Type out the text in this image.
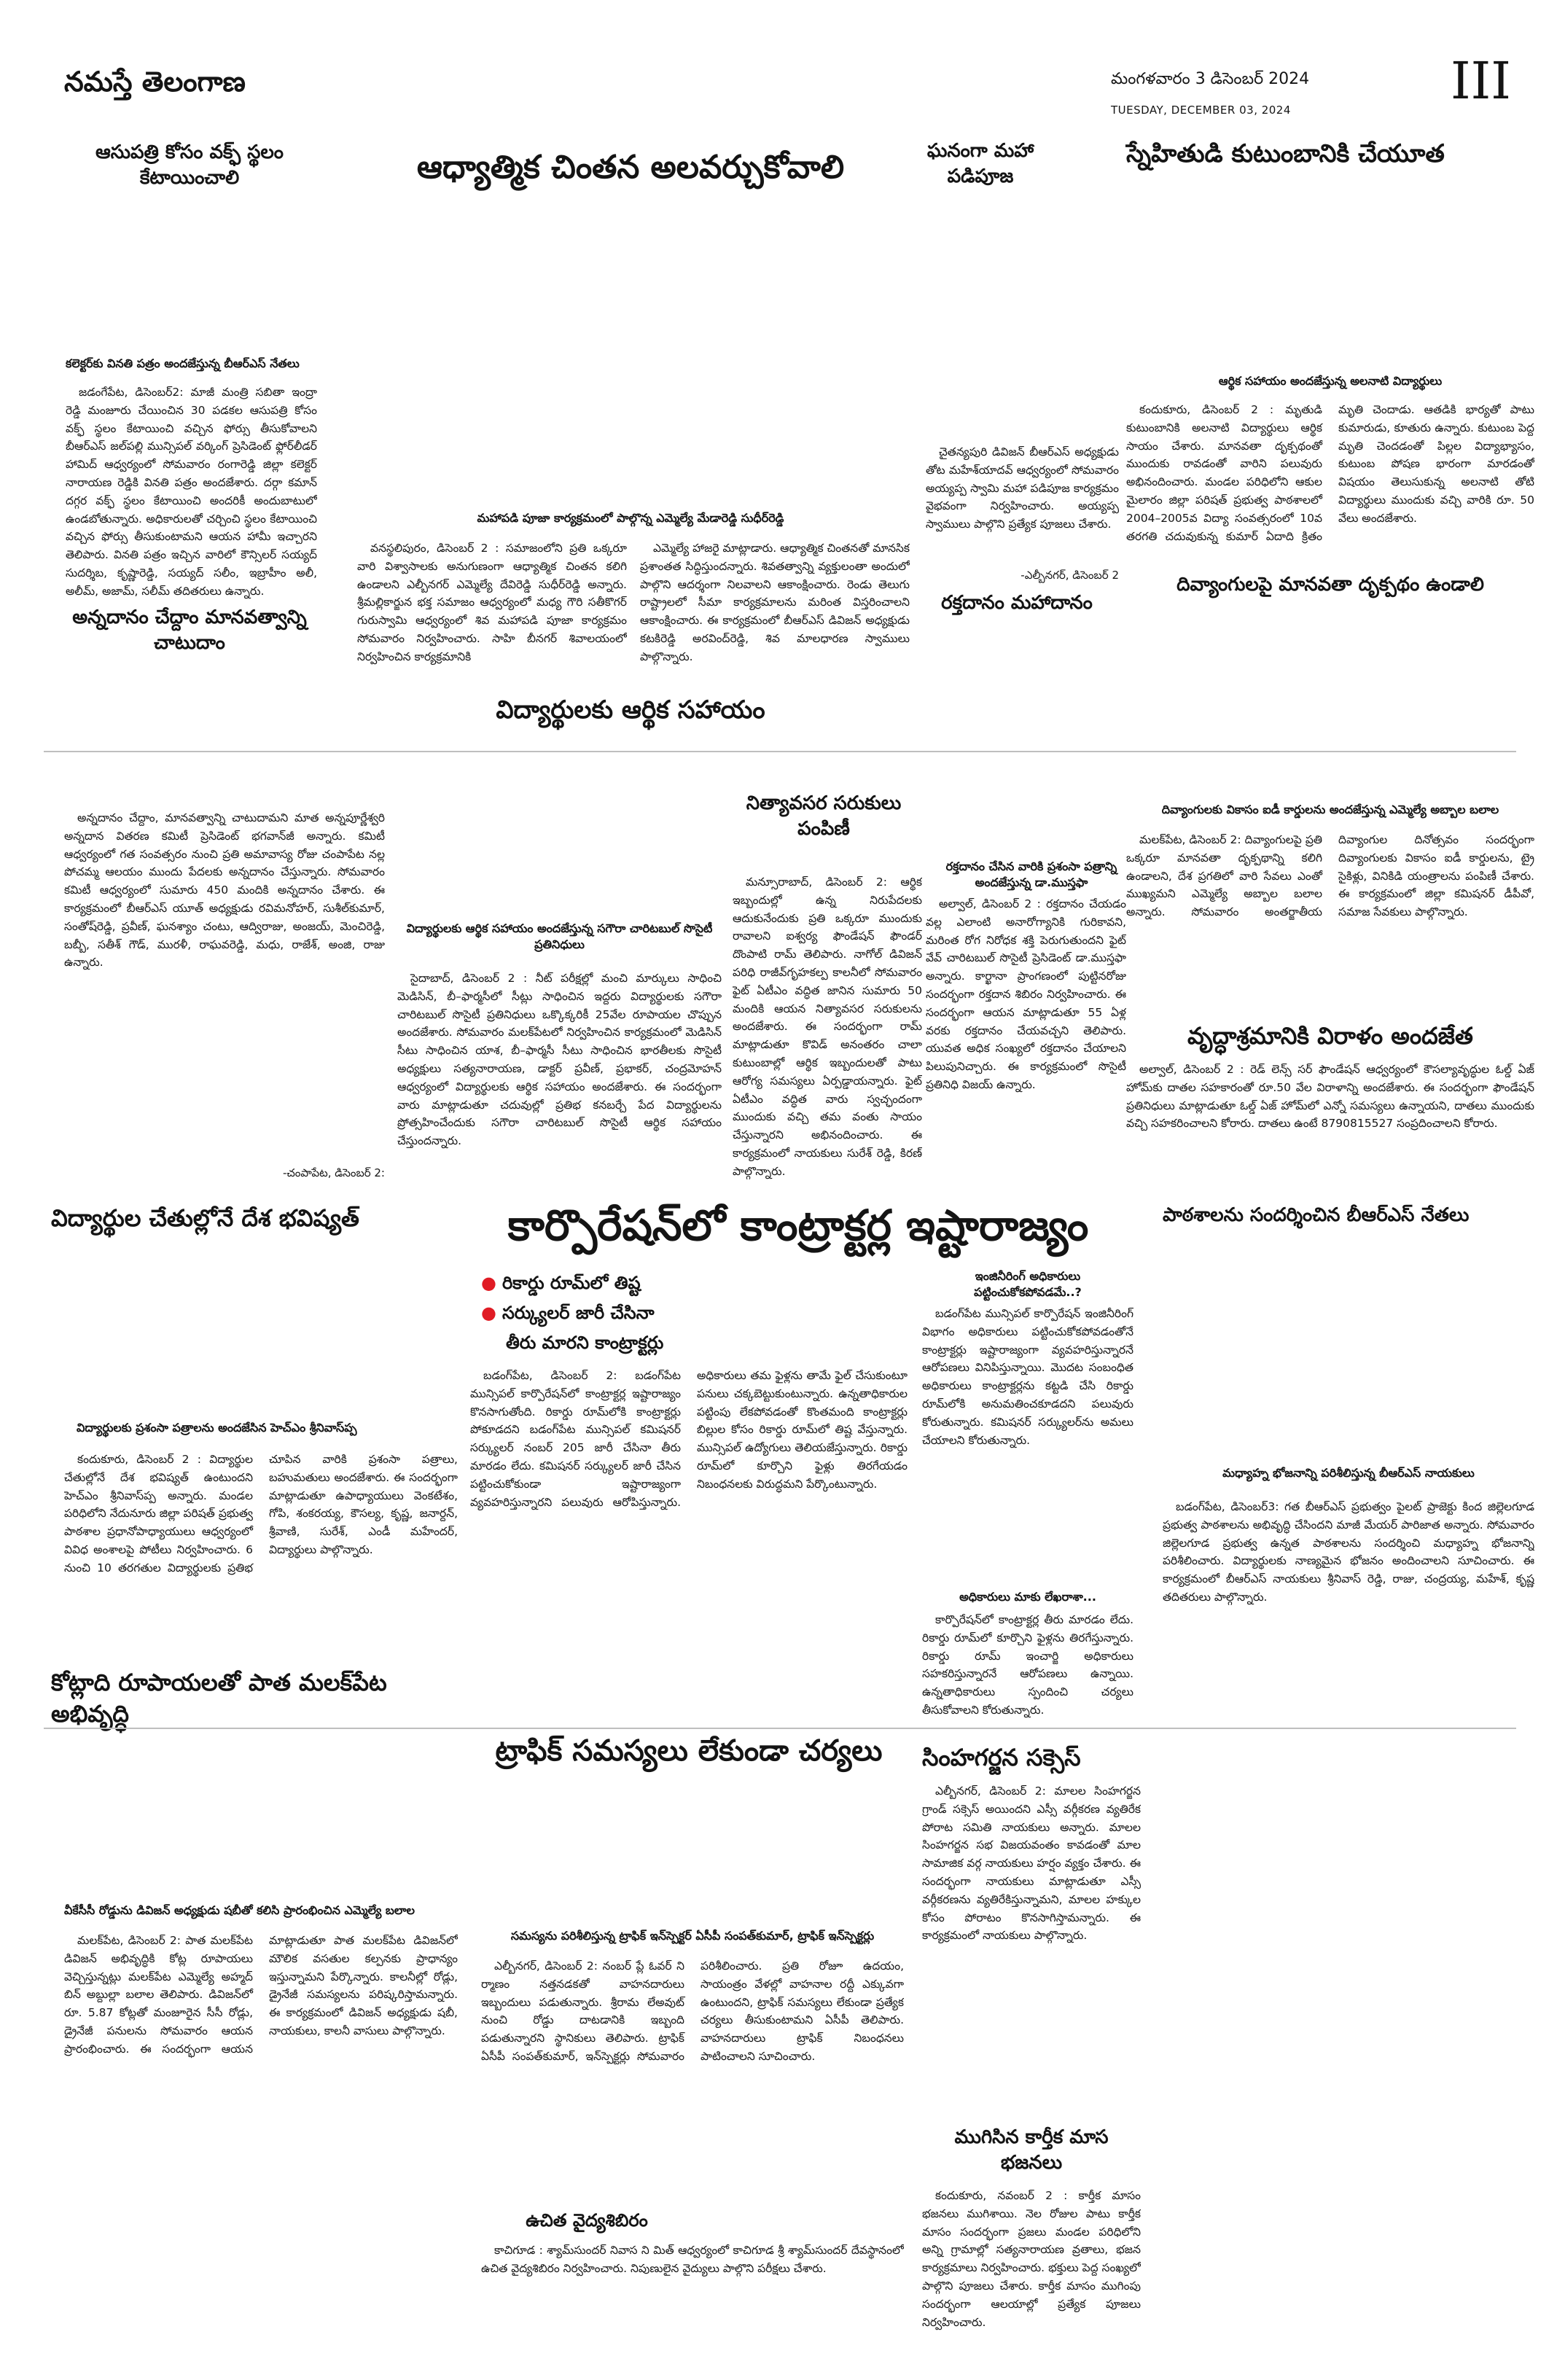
నమస్తే తెలంగాణ	మంగళవారం 3 డిసెంబర్ 2024
TUESDAY, DECEMBER 03, 2024	III
ఆసుపత్రి కోసం వక్ఫ్ స్థలం కేటాయించాలి
కలెక్టర్‌కు వినతి పత్రం అందజేస్తున్న బీఆర్‌ఎస్ నేతలు

జడంగేపేట, డిసెంబర్2: మాజీ మంత్రి సబితా ఇంద్రా రెడ్డి మంజూరు చేయించిన 30 పడకల ఆసుపత్రి కోసం వక్ఫ్ స్థలం కేటాయించి వచ్చిన ఫోర్సు తీసుకోవాలని బీఆర్‌ఎస్ జల్‌పల్లి మున్సిపల్ వర్కింగ్ ప్రెసిడెంట్ ఫ్లోర్‌లీడర్ హామిద్ ఆధ్వర్యంలో సోమవారం రంగారెడ్డి జిల్లా కలెక్టర్ నారాయణ రెడ్డికి వినతి పత్రం అందజేశారు. దర్గా కమాన్ దగ్గర వక్ఫ్ స్థలం కేటాయించి అందరికీ అందుబాటులో ఉండబోతున్నారు. అధికారులతో చర్చించి స్థలం కేటాయించి వచ్చిన ఫోర్సు తీసుకుంటామని ఆయన హామీ ఇచ్చారని తెలిపారు. వినతి పత్రం ఇచ్చిన వారిలో కౌన్సిలర్ సయ్యద్ సుదర్శిబ, కృష్ణారెడ్డి, సయ్యద్ సలీం, ఇబ్రాహీం అలీ, అలీమ్, అజామ్, సలీమ్ తదితరులు ఉన్నారు.

ఆధ్యాత్మిక చింతన అలవర్చుకోవాలి
మహాపడి పూజా కార్యక్రమంలో పాల్గొన్న ఎమ్మెల్యే మేడారెడ్డి సుధీర్‌రెడ్డి

వనస్థలిపురం, డిసెంబర్ 2 : సమాజంలోని ప్రతి ఒక్కరూ వారి విశ్వాసాలకు అనుగుణంగా ఆధ్యాత్మిక చింతన కలిగి ఉండాలని ఎల్బీనగర్ ఎమ్మెల్యే దేవిరెడ్డి సుధీర్‌రెడ్డి అన్నారు. శ్రీమల్లికార్జున భక్త సమాజం ఆధ్వర్యంలో మధ్య గౌరి సతీకొగర్ గురుస్వామి ఆధ్వర్యంలో శివ మహాపడి పూజా కార్యక్రమం సోమవారం నిర్వహించారు. సాహి బీనగర్ శివాలయంలో నిర్వహించిన కార్యక్రమానికి

ఎమ్మెల్యే హాజరై మాట్లాడారు. ఆధ్యాత్మిక చింతనతో మానసిక ప్రశాంతత సిద్ధిస్తుందన్నారు. శివతత్వాన్ని వ్యక్తులంతా అందులో పాల్గొని ఆదర్శంగా నిలవాలని ఆకాంక్షించారు. రెండు తెలుగు రాష్ట్రాలలో సీమా కార్యక్రమాలను మరింత విస్తరించాలని ఆకాంక్షించారు. ఈ కార్యక్రమంలో బీఆర్‌ఎస్ డివిజన్ అధ్యక్షుడు కటకిరెడ్డి అరవింద్‌రెడ్డి, శివ మాలధారణ స్వాములు పాల్గొన్నారు.

ఘనంగా మహా పడిపూజ

చైతన్యపురి డివిజన్ బీఆర్‌ఎస్ అధ్యక్షుడు తోట మహేశ్‌యాదవ్ ఆధ్వర్యంలో సోమవారం అయ్యప్ప స్వామి మహా పడిపూజ కార్యక్రమం వైభవంగా నిర్వహించారు. అయ్యప్ప స్వాములు పాల్గొని ప్రత్యేక పూజలు చేశారు.

-ఎల్బీనగర్, డిసెంబర్ 2
రక్తదానం మహాదానం
స్నేహితుడి కుటుంబానికి చేయూత
ఆర్థిక సహాయం అందజేస్తున్న అలనాటి విద్యార్థులు

కందుకూరు, డిసెంబర్ 2 : మృతుడి కుటుంబానికి అలనాటి విద్యార్థులు ఆర్థిక సాయం చేశారు. మానవతా దృక్పథంతో ముందుకు రావడంతో వారిని పలువురు అభినందించారు. మండల పరిధిలోని ఆకుల మైలారం జిల్లా పరిషత్ ప్రభుత్వ పాఠశాలలో 2004–2005వ విద్యా సంవత్సరంలో 10వ తరగతి చదువుకున్న కుమార్ ఏదాది క్రితం మృతి చెందాడు. ఆతడికి భార్యతో పాటు కుమారుడు, కూతురు ఉన్నారు. కుటుంబ పెద్ద మృతి చెందడంతో పిల్లల విద్యాభ్యాసం, కుటుంబ పోషణ భారంగా మారడంతో విషయం తెలుసుకున్న అలనాటి తోటి విద్యార్థులు ముందుకు వచ్చి వారికి రూ. 50 వేలు అందజేశారు.

దివ్యాంగులపై మానవతా దృక్పథం ఉండాలి
అన్నదానం చేద్దాం మానవత్వాన్ని చాటుదాం
విద్యార్థులకు ఆర్థిక సహాయం

అన్నదానం చేద్దాం, మానవత్వాన్ని చాటుదామని మాత అన్నపూర్ణేశ్వరి అన్నదాన వితరణ కమిటీ ప్రెసిడెంట్ భగవాన్‌జీ అన్నారు. కమిటీ ఆధ్వర్యంలో గత సంవత్సరం నుంచి ప్రతి అమావాస్య రోజు చంపాపేట నల్ల పోచమ్మ ఆలయం ముందు పేదలకు అన్నదానం చేస్తున్నారు. సోమవారం కమిటీ ఆధ్వర్యంలో సుమారు 450 మందికి అన్నదానం చేశారు. ఈ కార్యక్రమంలో బీఆర్‌ఎస్ యూత్ అధ్యక్షుడు రవిమనోహర్, సుశీల్‌కుమార్, సంతోష్‌రెడ్డి, ప్రవీణ్, ఘనశ్యాం చంటు, ఆద్విరాజు, అంజయ్, మెంచిరెడ్డి, బబ్బీ, సతీశ్ గౌడ్, మురళీ, రాఘవరెడ్డి, మధు, రాజేశ్, అంజి, రాజు ఉన్నారు.

-చంపాపేట, డిసెంబర్ 2:
విద్యార్థులకు ఆర్థిక సహాయం అందజేస్తున్న సగౌరా చారిటబుల్ సొసైటీ ప్రతినిధులు

సైదాబాద్, డిసెంబర్ 2 : నీట్ పరీక్షల్లో మంచి మార్కులు సాధించి మెడిసిన్, బీ–ఫార్మసీలో సీట్లు సాధించిన ఇద్దరు విద్యార్థులకు సగౌరా చారిటబుల్ సొసైటీ ప్రతినిధులు ఒక్కొక్కరికీ 25వేల రూపాయల చొప్పున అందజేశారు. సోమవారం మలక్‌పేటలో నిర్వహించిన కార్యక్రమంలో మెడిసిన్ సీటు సాధించిన యాశ, బీ–ఫార్మసీ సీటు సాధించిన భారతీలకు సొసైటీ అధ్యక్షులు సత్యనారాయణ, డాక్టర్ ప్రవీణ్, ప్రభాకర్, చంద్రమోహన్ ఆధ్వర్యంలో విద్యార్థులకు ఆర్థిక సహాయం అందజేశారు. ఈ సందర్భంగా వారు మాట్లాడుతూ చదువుల్లో ప్రతిభ కనబర్చే పేద విద్యార్థులను ప్రోత్సహించేందుకు సగౌరా చారిటబుల్ సొసైటీ ఆర్థిక సహాయం చేస్తుందన్నారు.

నిత్యావసర సరుకులు పంపిణీ

మన్సూరాబాద్, డిసెంబర్ 2: ఆర్థిక ఇబ్బందుల్లో ఉన్న నిరుపేదలకు ఆదుకునేందుకు ప్రతి ఒక్కరూ ముందుకు రావాలని ఐశ్వర్య ఫౌండేషన్ ఫౌండర్ దొంపాటి రామ్ తెలిపారు. నాగోల్ డివిజన్ పరిధి రాజీవ్‌గృహకల్ప కాలనీలో సోమవారం ఫైట్ ఏటీఎం వద్ధిత జానిన సుమారు 50 మందికి ఆయన నిత్యావసర సరుకులను అందజేశారు. ఈ సందర్భంగా రామ్ మాట్లాడుతూ కొవిడ్ అనంతరం చాలా కుటుంబాల్లో ఆర్థిక ఇబ్బందులతో పాటు ఆరోగ్య సమస్యలు ఏర్పడ్డాయన్నారు. ఫైట్ ఏటీఎం వద్ధిత వారు స్వచ్ఛందంగా ముందుకు వచ్చి తమ వంతు సాయం చేస్తున్నారని అభినందించారు. ఈ కార్యక్రమంలో నాయకులు సురేశ్ రెడ్డి, కిరణ్ పాల్గొన్నారు.

రక్తదానం చేసిన వారికి ప్రశంసా పత్రాన్ని అందజేస్తున్న డా.ముస్తఫా

అల్వాల్, డిసెంబర్ 2 : రక్తదానం చేయడం వల్ల ఎలాంటి అనారోగ్యానికి గురికావని, మరింత రోగ నిరోధక శక్తి పెరుగుతుందని ఫైట్ వేవ్ చారిటబుల్ సొసైటీ ప్రెసిడెంట్ డా.ముస్తఫా అన్నారు. కార్ఖానా ప్రాంగణంలో పుట్టినరోజు సందర్భంగా రక్తదాన శిబిరం నిర్వహించారు. ఈ సందర్భంగా ఆయన మాట్లాడుతూ 55 ఏళ్ల వరకు రక్తదానం చేయవచ్చని తెలిపారు. యువత అధిక సంఖ్యలో రక్తదానం చేయాలని పిలుపునిచ్చారు. ఈ కార్యక్రమంలో సొసైటీ ప్రతినిధి విజయ్ ఉన్నారు.

దివ్యాంగులకు వికాసం ఐడీ కార్డులను అందజేస్తున్న ఎమ్మెల్యే అబ్బాల బలాల

మలక్‌పేట, డిసెంబర్ 2: దివ్యాంగులపై ప్రతి ఒక్కరూ మానవతా దృక్పథాన్ని కలిగి ఉండాలని, దేశ ప్రగతిలో వారి సేవలు ఎంతో ముఖ్యమని ఎమ్మెల్యే అబ్బాల బలాల అన్నారు. సోమవారం అంతర్జాతీయ దివ్యాంగుల దినోత్సవం సందర్భంగా దివ్యాంగులకు వికాసం ఐడీ కార్డులను, ట్రై సైకిళ్లు, వినికిడి యంత్రాలను పంపిణీ చేశారు. ఈ కార్యక్రమంలో జిల్లా కమిషనర్ డీపీవో, సమాజ సేవకులు పాల్గొన్నారు.

వృద్ధాశ్రమానికి విరాళం అందజేత

అల్వాల్, డిసెంబర్ 2 : రెడ్‌ లెన్స్ సర్ ఫౌండేషన్ ఆధ్వర్యంలో కౌసల్యావృద్ధుల ఓల్డ్ ఏజ్ హోమ్‌కు దాతల సహకారంతో రూ.50 వేల విరాళాన్ని అందజేశారు. ఈ సందర్భంగా ఫౌండేషన్ ప్రతినిధులు మాట్లాడుతూ ఓల్డ్ ఏజ్ హోమ్‌లో ఎన్నో సమస్యలు ఉన్నాయని, దాతలు ముందుకు వచ్చి సహకరించాలని కోరారు. దాతలు ఉంటే 8790815527 సంప్రదించాలని కోరారు.

విద్యార్థుల చేతుల్లోనే దేశ భవిష్యత్	కార్పొరేషన్‌లో కాంట్రాక్టర్ల ఇష్టారాజ్యం	పాఠశాలను సందర్శించిన బీఆర్‌ఎస్ నేతలు
● రికార్డు రూమ్‌లో తిష్ట
● సర్క్యులర్ జారీ చేసినా
తీరు మారని కాంట్రాక్టర్లు
విద్యార్థులకు ప్రశంసా పత్రాలను అందజేసిన హెచ్ఎం శ్రీనివాస్‌ప్ప

కందుకూరు, డిసెంబర్ 2 : విద్యార్థుల చేతుల్లోనే దేశ భవిష్యత్ ఉంటుందని హెచ్ఎం శ్రీనివాస్‌ప్ప అన్నారు. మండల పరిధిలోని నేదునూరు జిల్లా పరిషత్ ప్రభుత్వ పాఠశాల ప్రధానోపాధ్యాయులు ఆధ్వర్యంలో వివిధ అంశాలపై పోటీలు నిర్వహించారు. 6 నుంచి 10 తరగతుల విద్యార్థులకు ప్రతిభ చూపిన వారికి ప్రశంసా పత్రాలు, బహుమతులు అందజేశారు. ఈ సందర్భంగా మాట్లాడుతూ ఉపాధ్యాయులు వెంకటేశం, గోపి, శంకరయ్య, కౌసల్య, కృష్ణ, జనార్దన్, శ్రీవాణి, సురేశ్, ఎండీ మహేందర్, విద్యార్థులు పాల్గొన్నారు.

బడంగ్‌పేట, డిసెంబర్ 2: బడంగ్‌పేట మున్సిపల్ కార్పొరేషన్‌లో కాంట్రాక్టర్ల ఇష్టారాజ్యం కొనసాగుతోంది. రికార్డు రూమ్‌లోకి కాంట్రాక్టర్లు పోకూడదని బడంగ్‌పేట మున్సిపల్ కమిషనర్ సర్క్యులర్ నంబర్ 205 జారీ చేసినా తీరు మారడం లేదు. కమిషనర్ సర్క్యులర్ జారీ చేసిన పట్టించుకోకుండా ఇష్టారాజ్యంగా వ్యవహరిస్తున్నారని పలువురు ఆరోపిస్తున్నారు. అధికారులు తమ ఫైళ్లను తామే ఫైల్ చేసుకుంటూ పనులు చక్కబెట్టుకుంటున్నారు. ఉన్నతాధికారుల పట్టింపు లేకపోవడంతో కొంతమంది కాంట్రాక్టర్లు బిల్లుల కోసం రికార్డు రూమ్‌లో తిష్ట వేస్తున్నారు. మున్సిపల్ ఉద్యోగులు తెలియజేస్తున్నారు. రికార్డు రూమ్‌లో కూర్చొని ఫైళ్లు తిరగేయడం నిబంధనలకు విరుద్ధమని పేర్కొంటున్నారు.

ఇంజినీరింగ్ అధికారులు పట్టించుకోకపోవడమే..?

బడంగ్‌పేట మున్సిపల్ కార్పొరేషన్ ఇంజినీరింగ్ విభాగం అధికారులు పట్టించుకోకపోవడంతోనే కాంట్రాక్టర్లు ఇష్టారాజ్యంగా వ్యవహరిస్తున్నారనే ఆరోపణలు వినిపిస్తున్నాయి. మొదట సంబంధిత అధికారులు కాంట్రాక్టర్లను కట్టడి చేసి రికార్డు రూమ్‌లోకి అనుమతించకూడదని పలువురు కోరుతున్నారు. కమిషనర్ సర్క్యులర్‌ను అమలు చేయాలని కోరుతున్నారు.

అధికారులు మాకు లేఖరాశా...

కార్పొరేషన్‌లో కాంట్రాక్టర్ల తీరు మారడం లేదు. రికార్డు రూమ్‌లో కూర్చొని ఫైళ్లను తిరగేస్తున్నారు. రికార్డు రూమ్ ఇంచార్జి అధికారులు సహకరిస్తున్నారనే ఆరోపణలు ఉన్నాయి. ఉన్నతాధికారులు స్పందించి చర్యలు తీసుకోవాలని కోరుతున్నారు.

మధ్యాహ్న భోజనాన్ని పరిశీలిస్తున్న బీఆర్‌ఎస్ నాయకులు

బడంగ్‌పేట, డిసెంబర్3: గత బీఆర్‌ఎస్ ప్రభుత్వం పైలట్ ప్రాజెక్టు కింద జిల్లెలగూడ ప్రభుత్వ పాఠశాలను అభివృద్ధి చేసిందని మాజీ మేయర్ పారిజాత అన్నారు. సోమవారం జిల్లెలగూడ ప్రభుత్వ ఉన్నత పాఠశాలను సందర్శించి మధ్యాహ్న భోజనాన్ని పరిశీలించారు. విద్యార్థులకు నాణ్యమైన భోజనం అందించాలని సూచించారు. ఈ కార్యక్రమంలో బీఆర్‌ఎస్ నాయకులు శ్రీనివాస్ రెడ్డి, రాజు, చంద్రయ్య, మహేశ్, కృష్ణ తదితరులు పాల్గొన్నారు.

కోట్లాది రూపాయలతో పాత మలక్‌పేట అభివృద్ధి
ట్రాఫిక్ సమస్యలు లేకుండా చర్యలు	సింహగర్జన సక్సెస్
వీకేసీసీ రోడ్డును డివిజన్ అధ్యక్షుడు షబీతో కలిసి ప్రారంభించిన ఎమ్మెల్యే బలాల

మలక్‌పేట, డిసెంబర్ 2: పాత మలక్‌పేట డివిజన్ అభివృద్ధికి కోట్ల రూపాయలు వెచ్చిస్తున్నట్లు మలక్‌పేట ఎమ్మెల్యే అహ్మద్ బిన్ అబ్దుల్లా బలాల తెలిపారు. డివిజన్‌లో రూ. 5.87 కోట్లతో మంజూరైన సీసీ రోడ్లు, డ్రైనేజీ పనులను సోమవారం ఆయన ప్రారంభించారు. ఈ సందర్భంగా ఆయన మాట్లాడుతూ పాత మలక్‌పేట డివిజన్‌లో మౌలిక వసతుల కల్పనకు ప్రాధాన్యం ఇస్తున్నామని పేర్కొన్నారు. కాలనీల్లో రోడ్లు, డ్రైనేజీ సమస్యలను పరిష్కరిస్తామన్నారు. ఈ కార్యక్రమంలో డివిజన్ అధ్యక్షుడు షబీ, నాయకులు, కాలనీ వాసులు పాల్గొన్నారు.

సమస్యను పరిశీలిస్తున్న ట్రాఫిక్ ఇన్‌స్పెక్టర్ ఏసీపీ సంపత్‌కుమార్, ట్రాఫిక్ ఇన్‌స్పెక్టర్లు

ఎల్బీనగర్, డిసెంబర్ 2: నంబర్ ప్లే ఓవర్ ని ర్మాణం నత్తనడకతో వాహనదారులు ఇబ్బందులు పడుతున్నారు. శ్రీరామ లేఅవుట్ నుంచి రోడ్డు దాటడానికి ఇబ్బంది పడుతున్నారని స్థానికులు తెలిపారు. ట్రాఫిక్ ఏసీపీ సంపత్‌కుమార్, ఇన్‌స్పెక్టర్లు సోమవారం పరిశీలించారు. ప్రతి రోజూ ఉదయం, సాయంత్రం వేళల్లో వాహనాల రద్దీ ఎక్కువగా ఉంటుందని, ట్రాఫిక్ సమస్యలు లేకుండా ప్రత్యేక చర్యలు తీసుకుంటామని ఏసీపీ తెలిపారు. వాహనదారులు ట్రాఫిక్ నిబంధనలు పాటించాలని సూచించారు.

ఉచిత వైద్యశిబిరం

కాచిగూడ : శ్యామ్‌సుందర్ నివాస ని మిత్ ఆధ్వర్యంలో కాచిగూడ శ్రీ శ్యామ్‌సుందర్ దేవస్థానంలో ఉచిత వైద్యశిబిరం నిర్వహించారు. నిపుణులైన వైద్యులు పాల్గొని పరీక్షలు చేశారు.

ఎల్బీనగర్, డిసెంబర్ 2: మాలల సింహగర్జన గ్రాండ్ సక్సెస్ అయిందని ఎస్సీ వర్గీకరణ వ్యతిరేక పోరాట సమితి నాయకులు అన్నారు. మాలల సింహగర్జన సభ విజయవంతం కావడంతో మాల సామాజిక వర్గ నాయకులు హర్షం వ్యక్తం చేశారు. ఈ సందర్భంగా నాయకులు మాట్లాడుతూ ఎస్సీ వర్గీకరణను వ్యతిరేకిస్తున్నామని, మాలల హక్కుల కోసం పోరాటం కొనసాగిస్తామన్నారు. ఈ కార్యక్రమంలో నాయకులు పాల్గొన్నారు.

ముగిసిన కార్తీక మాస భజనలు

కందుకూరు, నవంబర్ 2 : కార్తీక మాసం భజనలు ముగిశాయి. నెల రోజుల పాటు కార్తీక మాసం సందర్భంగా ప్రజలు మండల పరిధిలోని అన్ని గ్రామాల్లో సత్యనారాయణ వ్రతాలు, భజన కార్యక్రమాలు నిర్వహించారు. భక్తులు పెద్ద సంఖ్యలో పాల్గొని పూజలు చేశారు. కార్తీక మాసం ముగింపు సందర్భంగా ఆలయాల్లో ప్రత్యేక పూజలు నిర్వహించారు.
